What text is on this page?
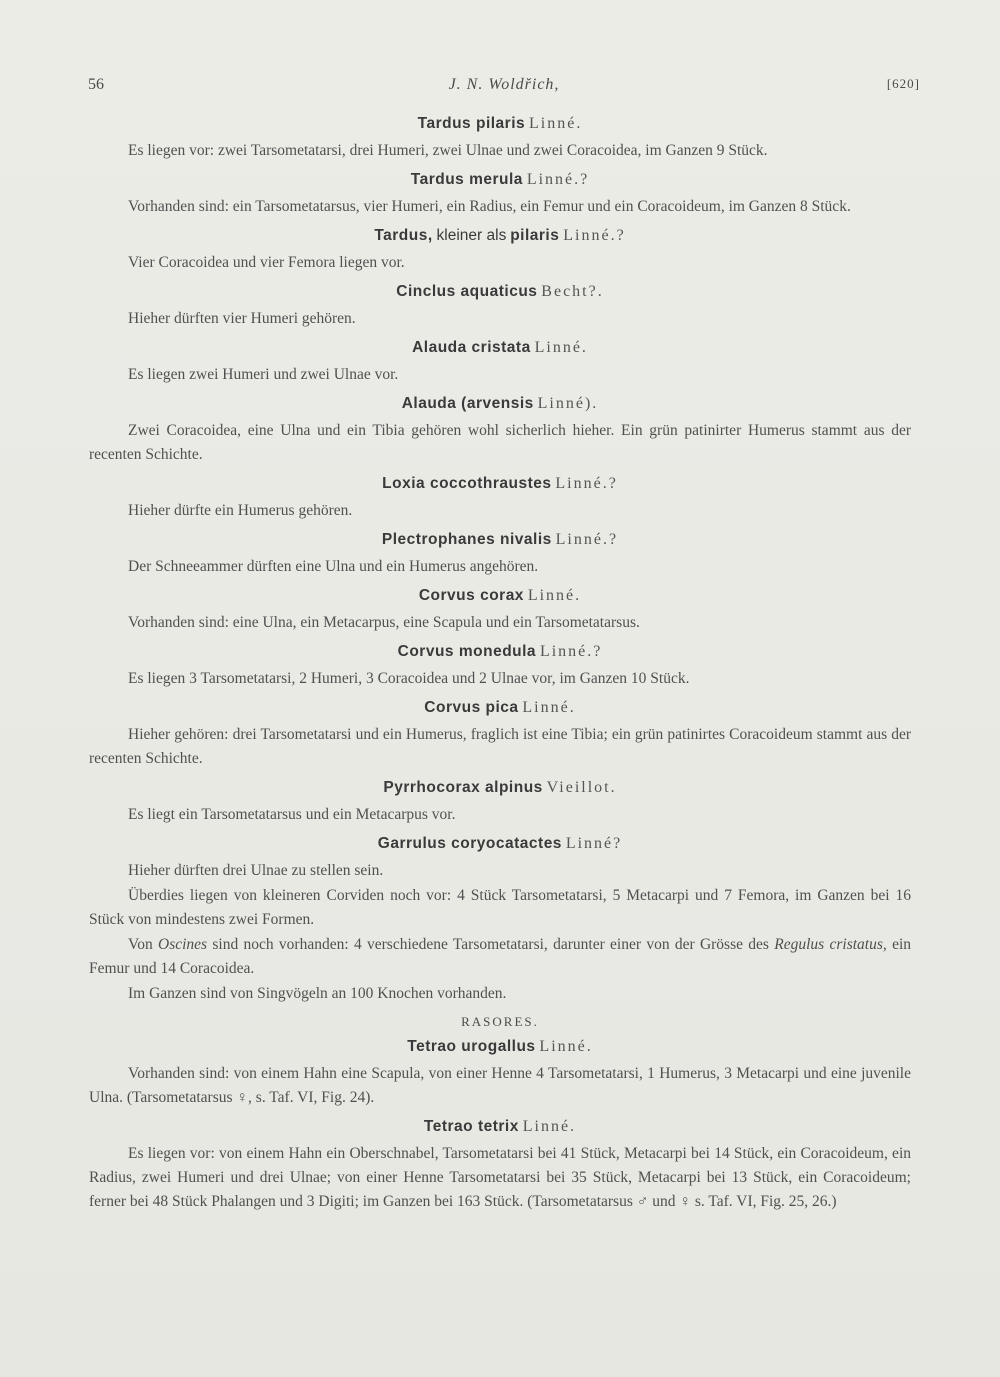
56	J. N. Woldřich,	[620]
Tardus pilaris Linné.

Es liegen vor: zwei Tarsometatarsi, drei Humeri, zwei Ulnae und zwei Coracoidea, im Ganzen 9 Stück.

Tardus merula Linné.?

Vorhanden sind: ein Tarsometatarsus, vier Humeri, ein Radius, ein Femur und ein Coracoideum, im Ganzen 8 Stück.

Tardus, kleiner als pilaris Linné.?

Vier Coracoidea und vier Femora liegen vor.

Cinclus aquaticus Becht?.

Hieher dürften vier Humeri gehören.

Alauda cristata Linné.

Es liegen zwei Humeri und zwei Ulnae vor.

Alauda (arvensis Linné).

Zwei Coracoidea, eine Ulna und ein Tibia gehören wohl sicherlich hieher. Ein grün patinirter Humerus stammt aus der recenten Schichte.

Loxia coccothraustes Linné.?

Hieher dürfte ein Humerus gehören.

Plectrophanes nivalis Linné.?

Der Schneeammer dürften eine Ulna und ein Humerus angehören.

Corvus corax Linné.

Vorhanden sind: eine Ulna, ein Metacarpus, eine Scapula und ein Tarsometatarsus.

Corvus monedula Linné.?

Es liegen 3 Tarsometatarsi, 2 Humeri, 3 Coracoidea und 2 Ulnae vor, im Ganzen 10 Stück.

Corvus pica Linné.

Hieher gehören: drei Tarsometatarsi und ein Humerus, fraglich ist eine Tibia; ein grün patinirtes Coracoideum stammt aus der recenten Schichte.

Pyrrhocorax alpinus Vieillot.

Es liegt ein Tarsometatarsus und ein Metacarpus vor.

Garrulus coryocatactes Linné?

Hieher dürften drei Ulnae zu stellen sein.

Überdies liegen von kleineren Corviden noch vor: 4 Stück Tarsometatarsi, 5 Metacarpi und 7 Femora, im Ganzen bei 16 Stück von mindestens zwei Formen.

Von Oscines sind noch vorhanden: 4 verschiedene Tarsometatarsi, darunter einer von der Grösse des Regulus cristatus, ein Femur und 14 Coracoidea.

Im Ganzen sind von Singvögeln an 100 Knochen vorhanden.

RASORES.
Tetrao urogallus Linné.

Vorhanden sind: von einem Hahn eine Scapula, von einer Henne 4 Tarsometatarsi, 1 Humerus, 3 Metacarpi und eine juvenile Ulna. (Tarsometatarsus ♀, s. Taf. VI, Fig. 24).

Tetrao tetrix Linné.

Es liegen vor: von einem Hahn ein Oberschnabel, Tarsometatarsi bei 41 Stück, Metacarpi bei 14 Stück, ein Coracoideum, ein Radius, zwei Humeri und drei Ulnae; von einer Henne Tarsometatarsi bei 35 Stück, Metacarpi bei 13 Stück, ein Coracoideum; ferner bei 48 Stück Phalangen und 3 Digiti; im Ganzen bei 163 Stück. (Tarsometatarsus ♂ und ♀ s. Taf. VI, Fig. 25, 26.)
